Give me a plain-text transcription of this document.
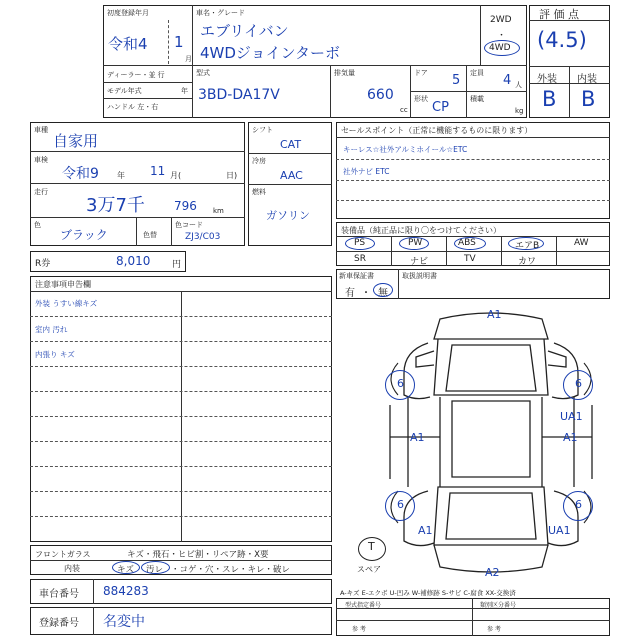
初度登録年月
令和4 1
月
車名・グレード
エブリイバン
4WDジョインターボ
2WD
・
4WD
ディーラー・並 行
モデル年式	年
ハンドル 左・右
型式
3BD-DA17V
排気量
660
cc
ドア 5
形状
CP
定員 4 人
積載
kg
評 価 点
(4.5)
外装 内装
B B
車種
自家用
車検
令和9 年 11 月(	日)
走行
3万7千 796 km
色
ブラック	色替
色コード
ZJ3/C03
シフト
CAT
冷房
AAC
燃料
ガソリン
セールスポイント（正常に機能するものに限ります）
キーレス☆社外アルミホイール☆ETC
社外ナビ ETC
装備品（純正品に限り〇をつけてください）
PS	PW	ABS	エアB	AW
SR	ナビ	TV	カワ
新車保証書	取扱説明書
有 ・ 無
R券	8,010 円
注意事項申告欄
外装 うすい線キズ
室内 汚れ
内張り キズ
A1
6	6
UA1
A1	A1
6	6
A1	UA1
A2
T
スペア
A-キズ E-エクボ U-凹み W-補修跡 S-サビ C-腐食 XX-交換済
フロントガラス	キズ・飛石・ヒビ割・リペア跡・X要
内装	キズ 汚レ ・コゲ・穴・スレ・キレ・破レ
車台番号 884283
登録番号 名変中
型式指定番号
参 考
類別区分番号
参 考
